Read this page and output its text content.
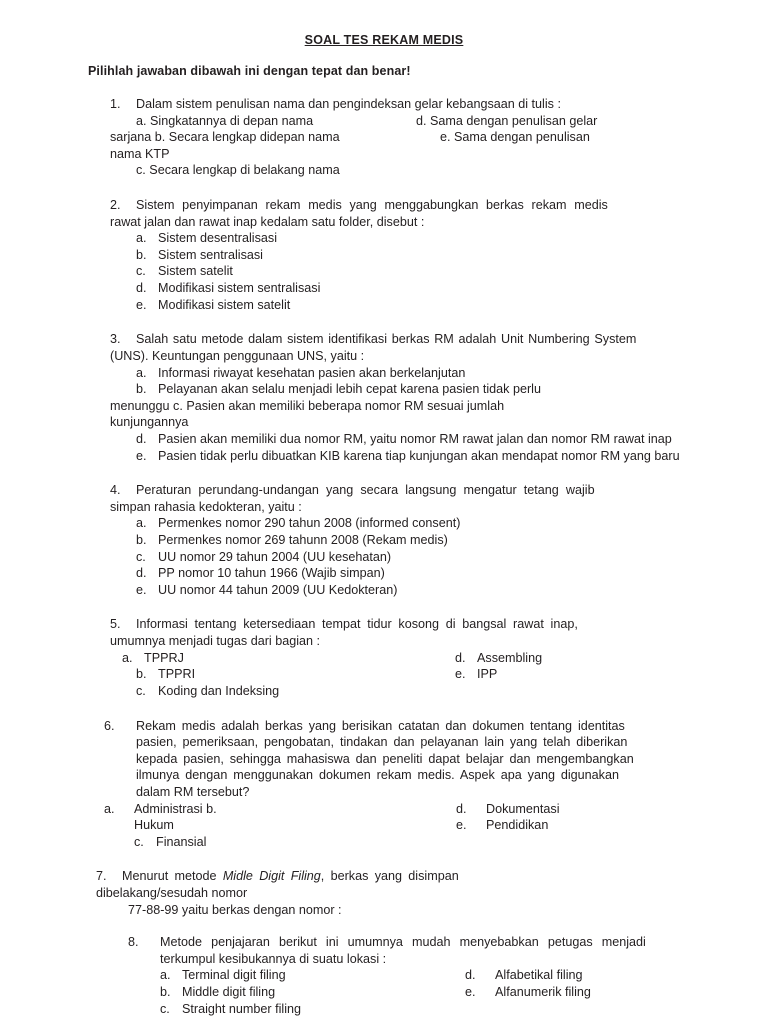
SOAL TES REKAM MEDIS
Pilihlah jawaban dibawah ini dengan tepat dan benar!
1.	Dalam sistem penulisan nama dan pengindeksan gelar kebangsaan di tulis :
a. Singkatannya di depan nama	d. Sama dengan penulisan gelar
sarjana b. Secara lengkap didepan nama	e. Sama dengan penulisan
nama KTP
c. Secara lengkap di belakang nama
2.	Sistem penyimpanan rekam medis yang menggabungkan berkas rekam medis
rawat jalan dan rawat inap kedalam satu folder, disebut :
a. Sistem desentralisasi
b. Sistem sentralisasi
c. Sistem satelit
d. Modifikasi sistem sentralisasi
e. Modifikasi sistem satelit
3.	Salah satu metode dalam sistem identifikasi berkas RM adalah Unit Numbering System
(UNS). Keuntungan penggunaan UNS, yaitu :
a. Informasi riwayat kesehatan pasien akan berkelanjutan
b. Pelayanan akan selalu menjadi lebih cepat karena pasien tidak perlu
menunggu c. Pasien akan memiliki beberapa nomor RM sesuai jumlah
kunjungannya
d. Pasien akan memiliki dua nomor RM, yaitu nomor RM rawat jalan dan nomor RM rawat inap
e. Pasien tidak perlu dibuatkan KIB karena tiap kunjungan akan mendapat nomor RM yang baru
4.	Peraturan perundang-undangan yang secara langsung mengatur tetang wajib
simpan rahasia kedokteran, yaitu :
a. Permenkes nomor 290 tahun 2008 (informed consent)
b. Permenkes nomor 269 tahunn 2008 (Rekam medis)
c. UU nomor 29 tahun 2004 (UU kesehatan)
d. PP nomor 10 tahun 1966 (Wajib simpan)
e. UU nomor 44 tahun 2009 (UU Kedokteran)
5.	Informasi tentang ketersediaan tempat tidur kosong di bangsal rawat inap,
umumnya menjadi tugas dari bagian :
a. TPPRJ
b. TPPRI
c. Koding dan Indeksing
d. Assembling
e. IPP
6.	Rekam medis adalah berkas yang berisikan catatan dan dokumen tentang identitas
pasien, pemeriksaan, pengobatan, tindakan dan pelayanan lain yang telah diberikan
kepada pasien, sehingga mahasiswa dan peneliti dapat belajar dan mengembangkan
ilmunya dengan menggunakan dokumen rekam medis. Aspek apa yang digunakan
dalam RM tersebut?
a.	Administrasi b.
Hukum
c. Finansial
d.	Dokumentasi
e.	Pendidikan
7.	Menurut metode Midle Digit Filing, berkas yang disimpan
dibelakang/sesudah nomor
77-88-99 yaitu berkas dengan nomor :
8.	Metode penjajaran berikut ini umumnya mudah menyebabkan petugas menjadi
terkumpul kesibukannya di suatu lokasi :
a. Terminal digit filing
b. Middle digit filing
c. Straight number filing
d.	Alfabetikal filing
e.	Alfanumerik filing
